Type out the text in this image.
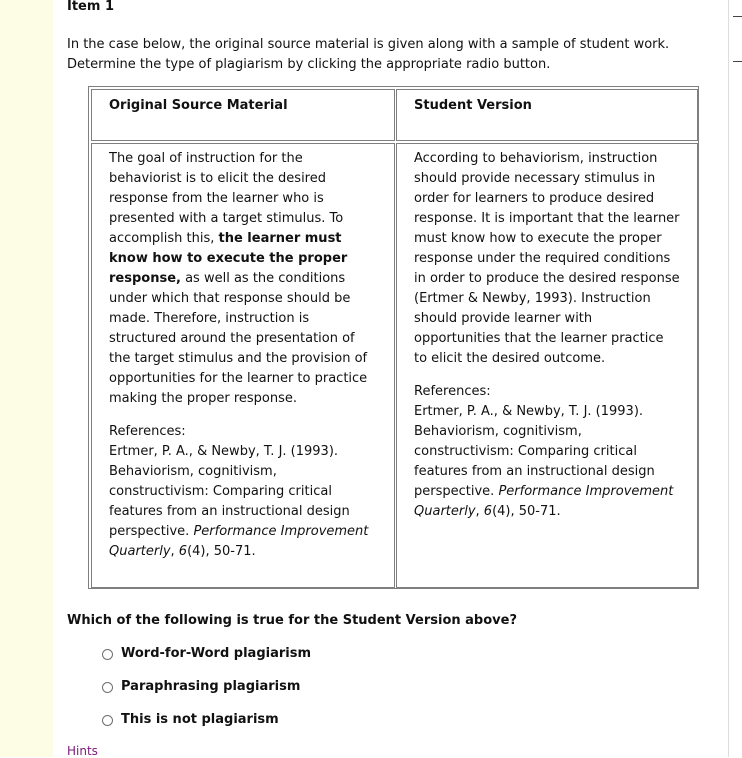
Item 1
In the case below, the original source material is given along with a sample of student work.
Determine the type of plagiarism by clicking the appropriate radio button.
Original Source Material	Student Version

The goal of instruction for the behaviorist is to elicit the desired response from the learner who is presented with a target stimulus. To accomplish this, the learner must know how to execute the proper response, as well as the conditions under which that response should be made. Therefore, instruction is structured around the presentation of the target stimulus and the provision of opportunities for the learner to practice making the proper response.

References:
Ertmer, P. A., & Newby, T. J. (1993). Behaviorism, cognitivism, constructivism: Comparing critical features from an instructional design perspective. Performance Improvement Quarterly, 6(4), 50-71.

According to behaviorism, instruction should provide necessary stimulus in order for learners to produce desired response. It is important that the learner must know how to execute the proper response under the required conditions in order to produce the desired response (Ertmer & Newby, 1993). Instruction should provide learner with opportunities that the learner practice to elicit the desired outcome.

References:
Ertmer, P. A., & Newby, T. J. (1993). Behaviorism, cognitivism, constructivism: Comparing critical features from an instructional design perspective. Performance Improvement Quarterly, 6(4), 50-71.

Which of the following is true for the Student Version above?
Word-for-Word plagiarism
Paraphrasing plagiarism
This is not plagiarism
Hints
